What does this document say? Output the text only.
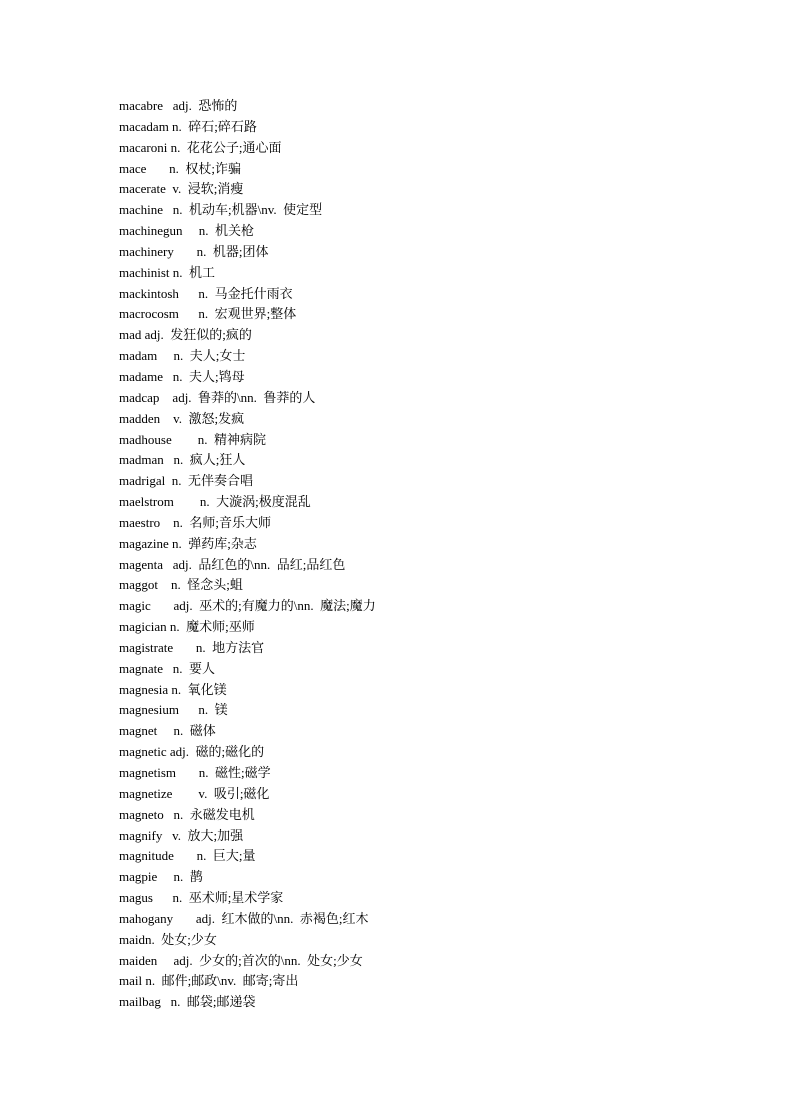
macabre   adj.  恐怖的
macadam n.  碎石;碎石路
macaroni n.  花花公子;通心面
mace       n.  权杖;诈骗
macerate  v.  浸软;消瘦
machine   n.  机动车;机器\nv.  使定型
machinegun     n.  机关枪
machinery       n.  机器;团体
machinist n.  机工
mackintosh      n.  马金托什雨衣
macrocosm      n.  宏观世界;整体
mad adj.  发狂似的;疯的
madam     n.  夫人;女士
madame   n.  夫人;鸨母
madcap    adj.  鲁莽的\nn.  鲁莽的人
madden    v.  激怒;发疯
madhouse        n.  精神病院
madman   n.  疯人;狂人
madrigal  n.  无伴奏合唱
maelstrom        n.  大漩涡;极度混乱
maestro    n.  名师;音乐大师
magazine n.  弹药库;杂志
magenta   adj.  品红色的\nn.  品红;品红色
maggot    n.  怪念头;蛆
magic       adj.  巫术的;有魔力的\nn.  魔法;魔力
magician n.  魔术师;巫师
magistrate       n.  地方法官
magnate   n.  要人
magnesia n.  氧化镁
magnesium      n.  镁
magnet     n.  磁体
magnetic adj.  磁的;磁化的
magnetism       n.  磁性;磁学
magnetize        v.  吸引;磁化
magneto   n.  永磁发电机
magnify   v.  放大;加强
magnitude       n.  巨大;量
magpie     n.  鹊
magus      n.  巫术师;星术学家
mahogany       adj.  红木做的\nn.  赤褐色;红木
maidn.  处女;少女
maiden     adj.  少女的;首次的\nn.  处女;少女
mail n.  邮件;邮政\nv.  邮寄;寄出
mailbag   n.  邮袋;邮递袋
